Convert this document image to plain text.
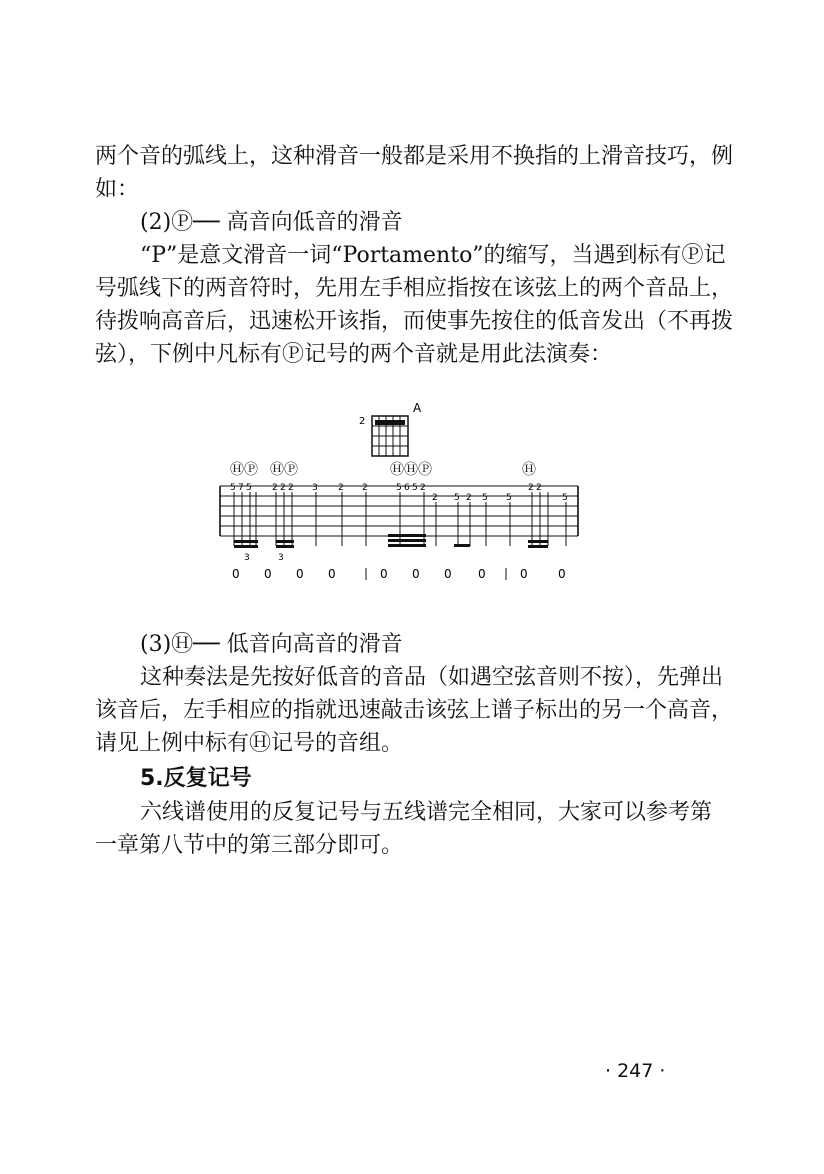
两个音的弧线上，这种滑音一般都是采用不换指的上滑音技巧，例
如：
(2)Ⓟ── 高音向低音的滑音
“P”是意文滑音一词“Portamento”的缩写，当遇到标有Ⓟ记
号弧线下的两音符时，先用左手相应指按在该弦上的两个音品上，
待拨响高音后，迅速松开该指，而使事先按住的低音发出（不再拨
弦），下例中凡标有Ⓟ记号的两个音就是用此法演奏：
2
A
ⒽⓅ ⒽⓅ	ⒽⒽⓅ	Ⓗ
5 7 5 2 2 2 3 2 2	5 6 5 2
2 5 2 5 5
2 2
5
3	3
0 0 0 0	0 0 0 0	0	0
(3)Ⓗ── 低音向高音的滑音
这种奏法是先按好低音的音品（如遇空弦音则不按），先弹出
该音后，左手相应的指就迅速敲击该弦上谱子标出的另一个高音，
请见上例中标有Ⓗ记号的音组。
5.反复记号
六线谱使用的反复记号与五线谱完全相同，大家可以参考第
一章第八节中的第三部分即可。
· 247 ·
